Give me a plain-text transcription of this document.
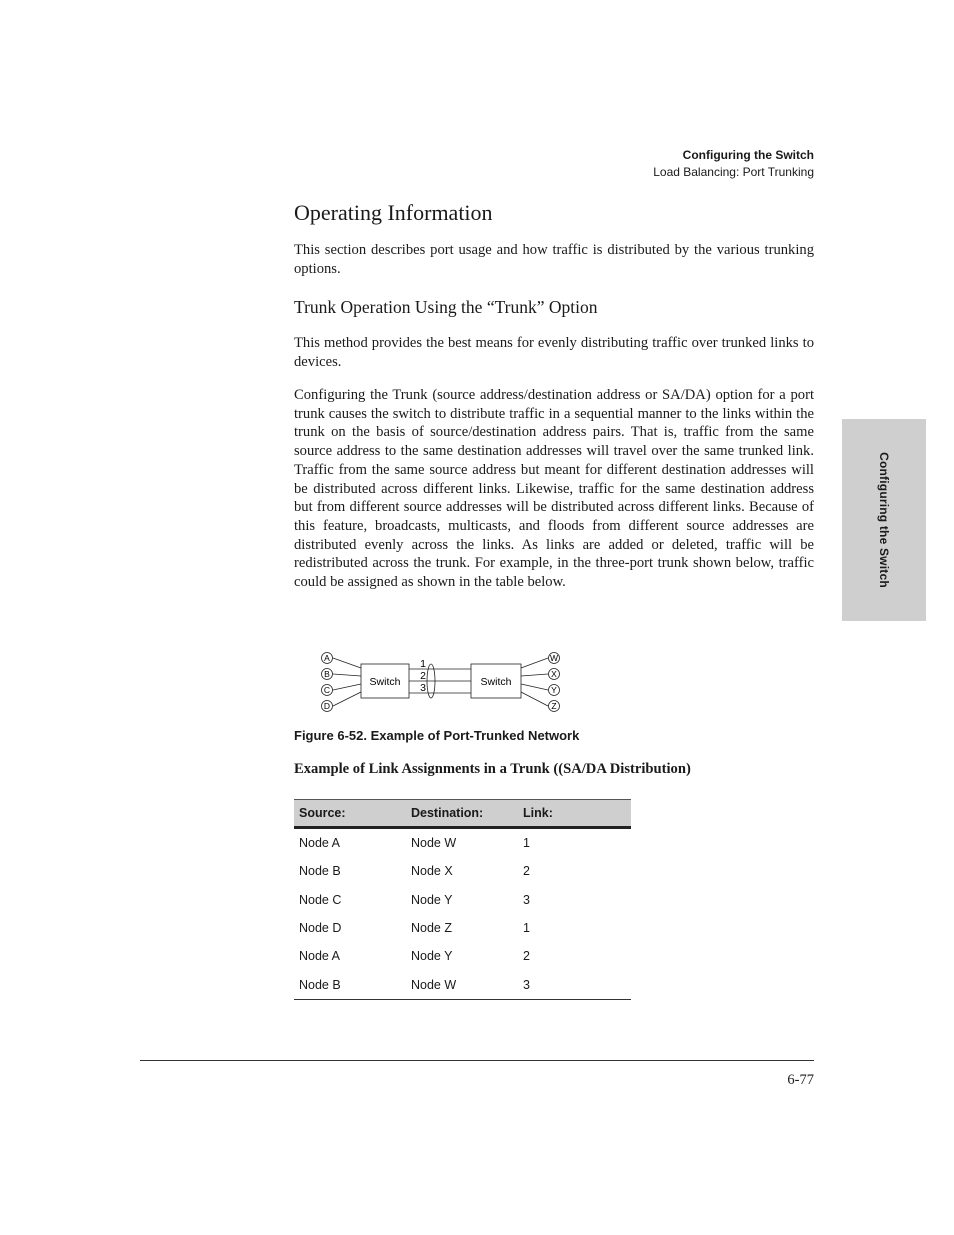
Configuring the Switch
Load Balancing: Port Trunking
Configuring the Switch
Operating Information

This section describes port usage and how traffic is distributed by the various trunking options.

Trunk Operation Using the “Trunk” Option

This method provides the best means for evenly distributing traffic over trunked links to devices.

Configuring the Trunk (source address/destination address or SA/DA) option for a port trunk causes the switch to distribute traffic in a sequential manner to the links within the trunk on the basis of source/destination address pairs. That is, traffic from the same source address to the same destination addresses will travel over the same trunked link. Traffic from the same source address but meant for different destination addresses will be distributed across different links. Likewise, traffic for the same destination address but from different source addresses will be distributed across different links. Because of this feature, broadcasts, multicasts, and floods from different source addresses are distributed evenly across the links. As links are added or deleted, traffic will be redistributed across the trunk. For example, in the three-port trunk shown below, traffic could be assigned as shown in the table below.

Switch	Switch
1
2
3
A
B
C
D
W
X
Y
Z
Figure 6-52. Example of Port-Trunked Network
Example of Link Assignments in a Trunk ((SA/DA Distribution)
Source:	Destination:	Link:
Node A	Node W	1
Node B	Node X	2
Node C	Node Y	3
Node D	Node Z	1
Node A	Node Y	2
Node B	Node W	3
6-77
